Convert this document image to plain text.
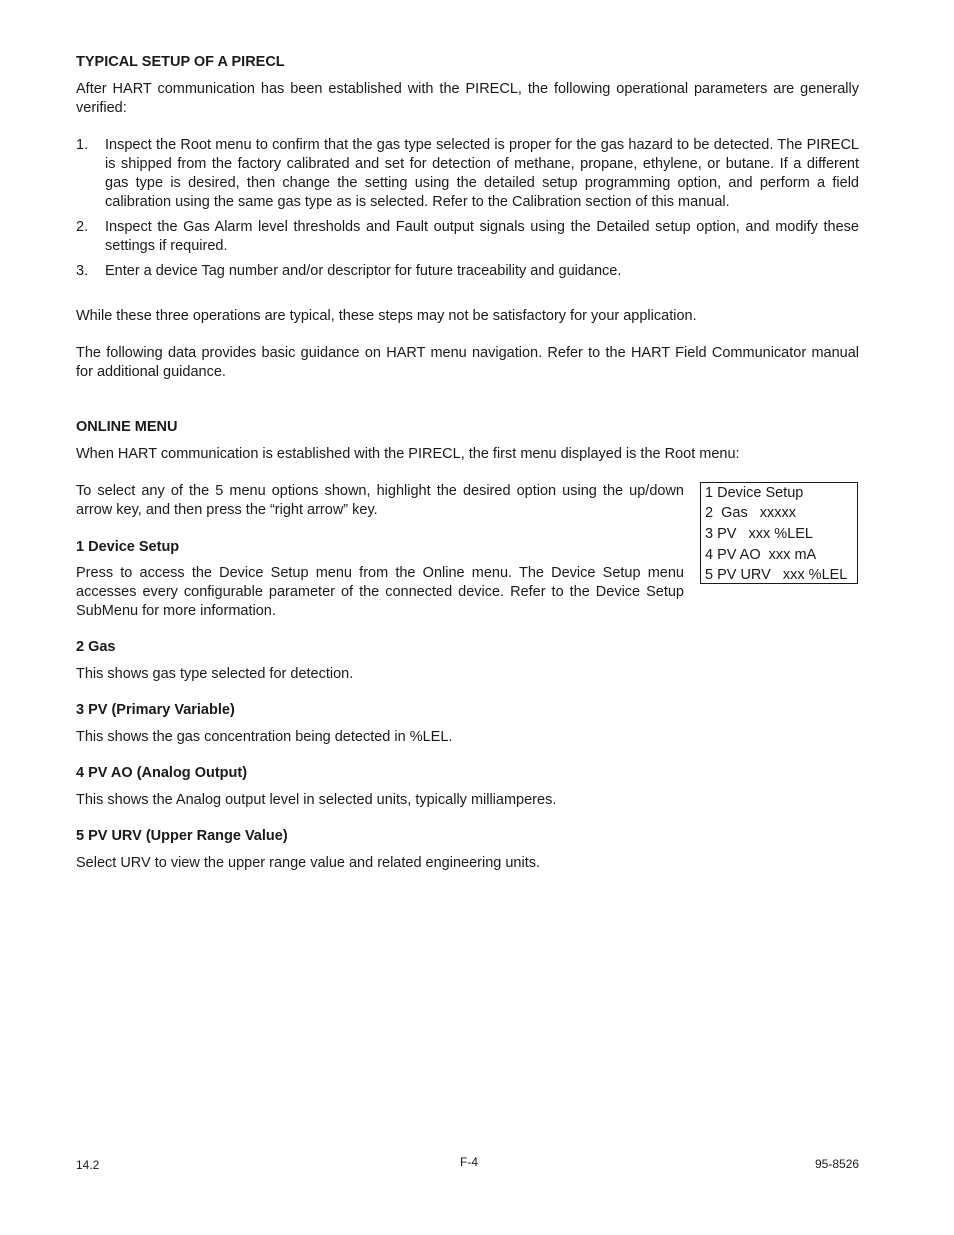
TYPICAL SETUP OF A PIRECL
After HART communication has been established with the PIRECL, the following operational parameters are generally verified:
1. Inspect the Root menu to confirm that the gas type selected is proper for the gas hazard to be detected. The PIRECL is shipped from the factory calibrated and set for detection of methane, propane, ethylene, or butane. If a different gas type is desired, then change the setting using the detailed setup programming option, and perform a field calibration using the same gas type as is selected. Refer to the Calibration section of this manual.
2. Inspect the Gas Alarm level thresholds and Fault output signals using the Detailed setup option, and modify these settings if required.
3. Enter a device Tag number and/or descriptor for future traceability and guidance.
While these three operations are typical, these steps may not be satisfactory for your application.
The following data provides basic guidance on HART menu navigation. Refer to the HART Field Communicator manual for additional guidance.
ONLINE MENU
When HART communication is established with the PIRECL, the first menu displayed is the Root menu:
To select any of the 5 menu options shown, highlight the desired option using the up/down arrow key, and then press the “right arrow” key.
1 Device Setup
2  Gas   xxxxx
3 PV   xxx %LEL
4 PV AO  xxx mA
5 PV URV   xxx %LEL
1 Device Setup
Press to access the Device Setup menu from the Online menu. The Device Setup menu accesses every configurable parameter of the connected device. Refer to the Device Setup SubMenu for more information.
2 Gas
This shows gas type selected for detection.
3 PV (Primary Variable)
This shows the gas concentration being detected in %LEL.
4 PV AO (Analog Output)
This shows the Analog output level in selected units, typically milliamperes.
5 PV URV (Upper Range Value)
Select URV to view the upper range value and related engineering units.
14.2	F-4	95-8526
